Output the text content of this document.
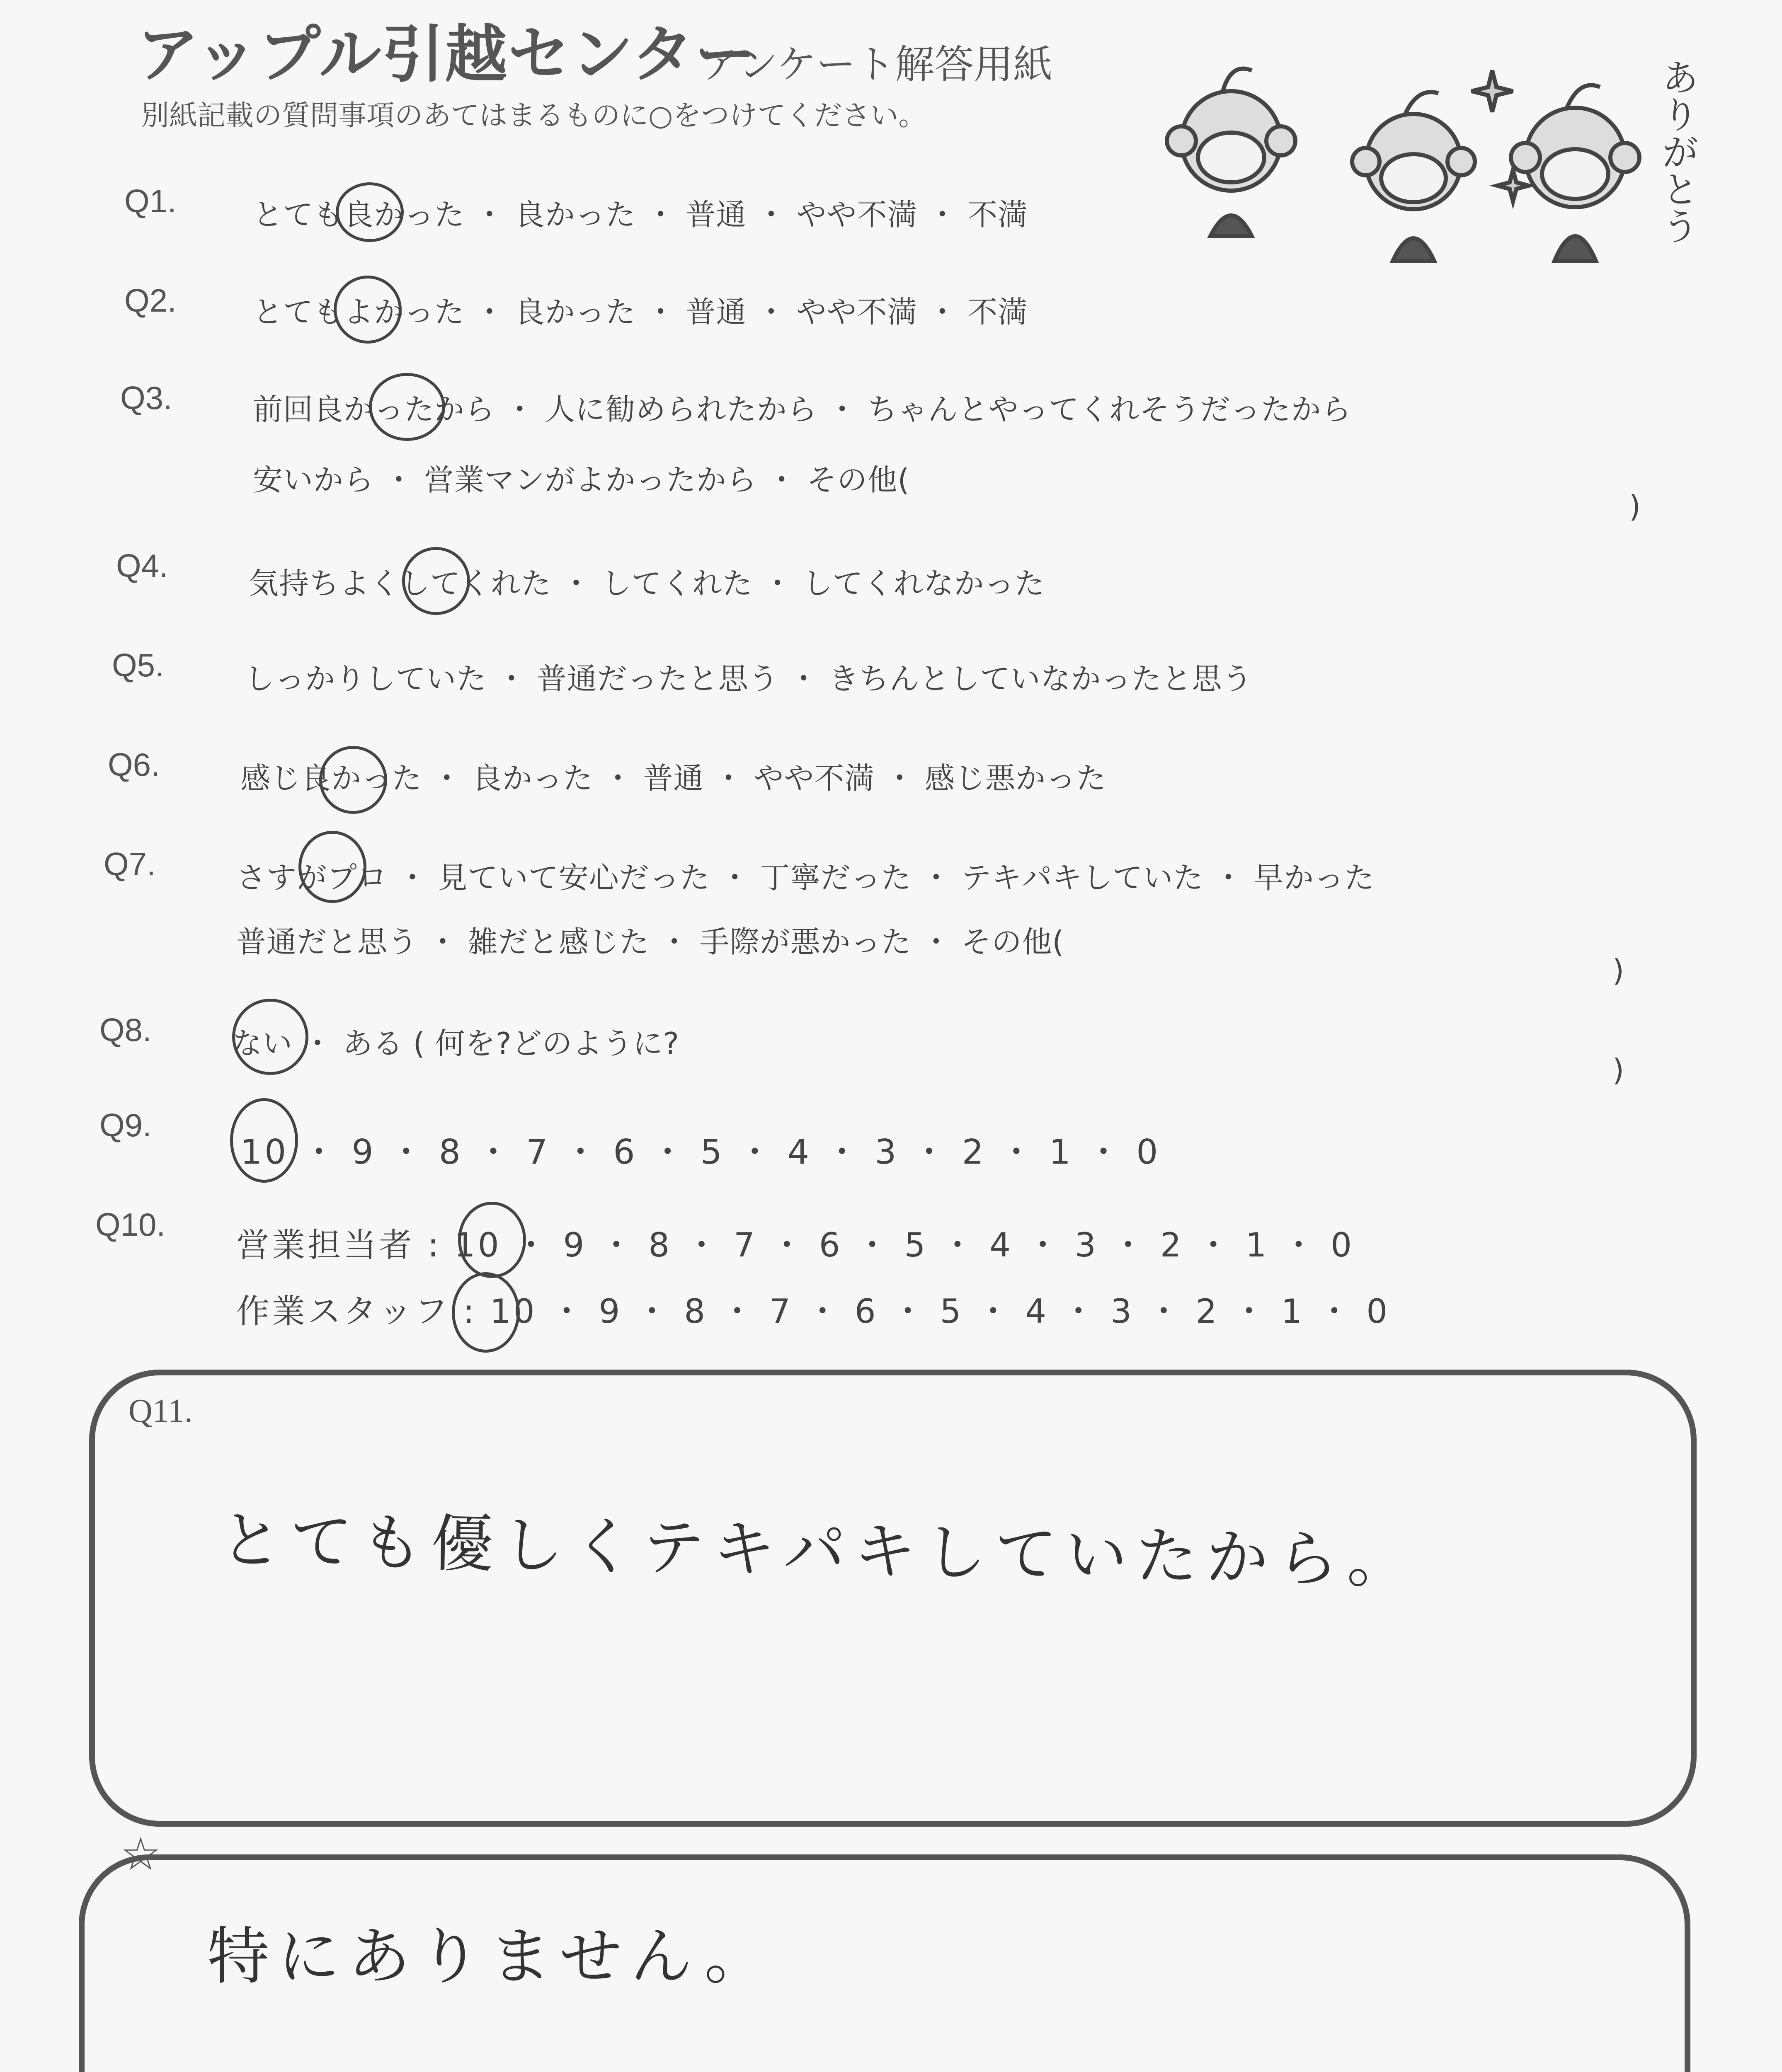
アップル引越センター
アンケート解答用紙
別紙記載の質問事項のあてはまるものに○をつけてください。	ありがとう
Q1.	とても良かった ・ 良かった ・ 普通 ・ やや不満 ・ 不満
Q2.	とてもよかった ・ 良かった ・ 普通 ・ やや不満 ・ 不満
Q3.	前回良かったから ・ 人に勧められたから ・ ちゃんとやってくれそうだったから
安いから ・ 営業マンがよかったから ・ その他(
)
Q4.	気持ちよくしてくれた ・ してくれた ・ してくれなかった
Q5.	しっかりしていた ・ 普通だったと思う ・ きちんとしていなかったと思う
Q6.	感じ良かった ・ 良かった ・ 普通 ・ やや不満 ・ 感じ悪かった
Q7.	さすがプロ ・ 見ていて安心だった ・ 丁寧だった ・ テキパキしていた ・ 早かった
普通だと思う ・ 雑だと感じた ・ 手際が悪かった ・ その他(
)
Q8.	ない ・ ある ( 何を?どのように?
)
Q9.
10 ・ 9 ・ 8 ・ 7 ・ 6 ・ 5 ・ 4 ・ 3 ・ 2 ・ 1 ・ 0
Q10.
営業担当者 : 10 ・ 9 ・ 8 ・ 7 ・ 6 ・ 5 ・ 4 ・ 3 ・ 2 ・ 1 ・ 0
作業スタッフ : 10 ・ 9 ・ 8 ・ 7 ・ 6 ・ 5 ・ 4 ・ 3 ・ 2 ・ 1 ・ 0
Q11.
とても優しくテキパキしていたから。
☆
特にありません。
